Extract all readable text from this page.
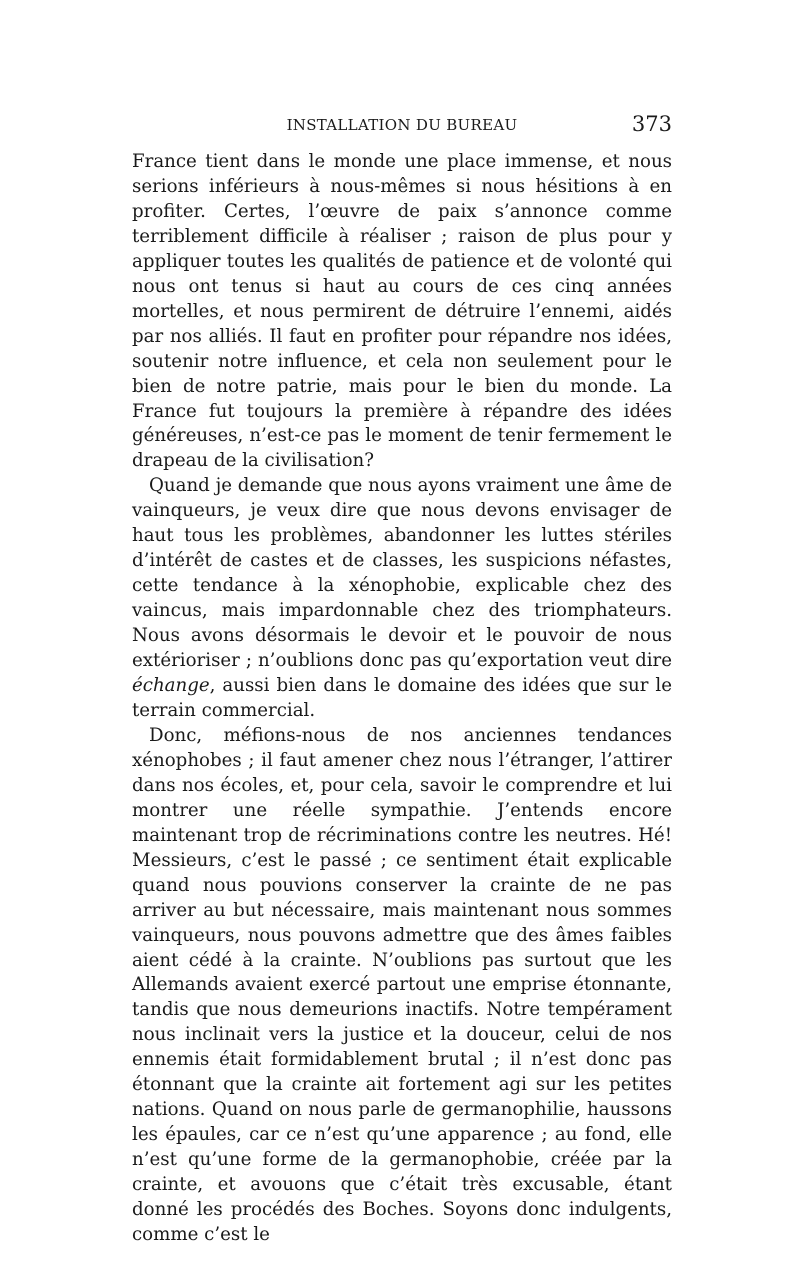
INSTALLATION DU BUREAU	373

France tient dans le monde une place immense, et nous serions inférieurs à nous-mêmes si nous hésitions à en profiter. Certes, l’œuvre de paix s’annonce comme terriblement difficile à réaliser ; raison de plus pour y appliquer toutes les qualités de patience et de volonté qui nous ont tenus si haut au cours de ces cinq années mortelles, et nous permirent de détruire l’ennemi, aidés par nos alliés. Il faut en profiter pour répandre nos idées, soutenir notre influence, et cela non seulement pour le bien de notre patrie, mais pour le bien du monde. La France fut toujours la première à répandre des idées généreuses, n’est-ce pas le moment de tenir fermement le drapeau de la civilisation?

Quand je demande que nous ayons vraiment une âme de vainqueurs, je veux dire que nous devons envisager de haut tous les problèmes, abandonner les luttes stériles d’intérêt de castes et de classes, les suspicions néfastes, cette tendance à la xénophobie, explicable chez des vaincus, mais impardonnable chez des triomphateurs. Nous avons désormais le devoir et le pouvoir de nous extérioriser ; n’oublions donc pas qu’exportation veut dire échange, aussi bien dans le domaine des idées que sur le terrain commercial.

Donc, méfions-nous de nos anciennes tendances xénophobes ; il faut amener chez nous l’étranger, l’attirer dans nos écoles, et, pour cela, savoir le comprendre et lui montrer une réelle sympathie. J’entends encore maintenant trop de récriminations contre les neutres. Hé! Messieurs, c’est le passé ; ce sentiment était explicable quand nous pouvions conserver la crainte de ne pas arriver au but nécessaire, mais maintenant nous sommes vainqueurs, nous pouvons admettre que des âmes faibles aient cédé à la crainte. N’oublions pas surtout que les Allemands avaient exercé partout une emprise étonnante, tandis que nous demeurions inactifs. Notre tempérament nous inclinait vers la justice et la douceur, celui de nos ennemis était formidablement brutal ; il n’est donc pas étonnant que la crainte ait fortement agi sur les petites nations. Quand on nous parle de germanophilie, haussons les épaules, car ce n’est qu’une apparence ; au fond, elle n’est qu’une forme de la germanophobie, créée par la crainte, et avouons que c’était très excusable, étant donné les procédés des Boches. Soyons donc indulgents, comme c’est le
